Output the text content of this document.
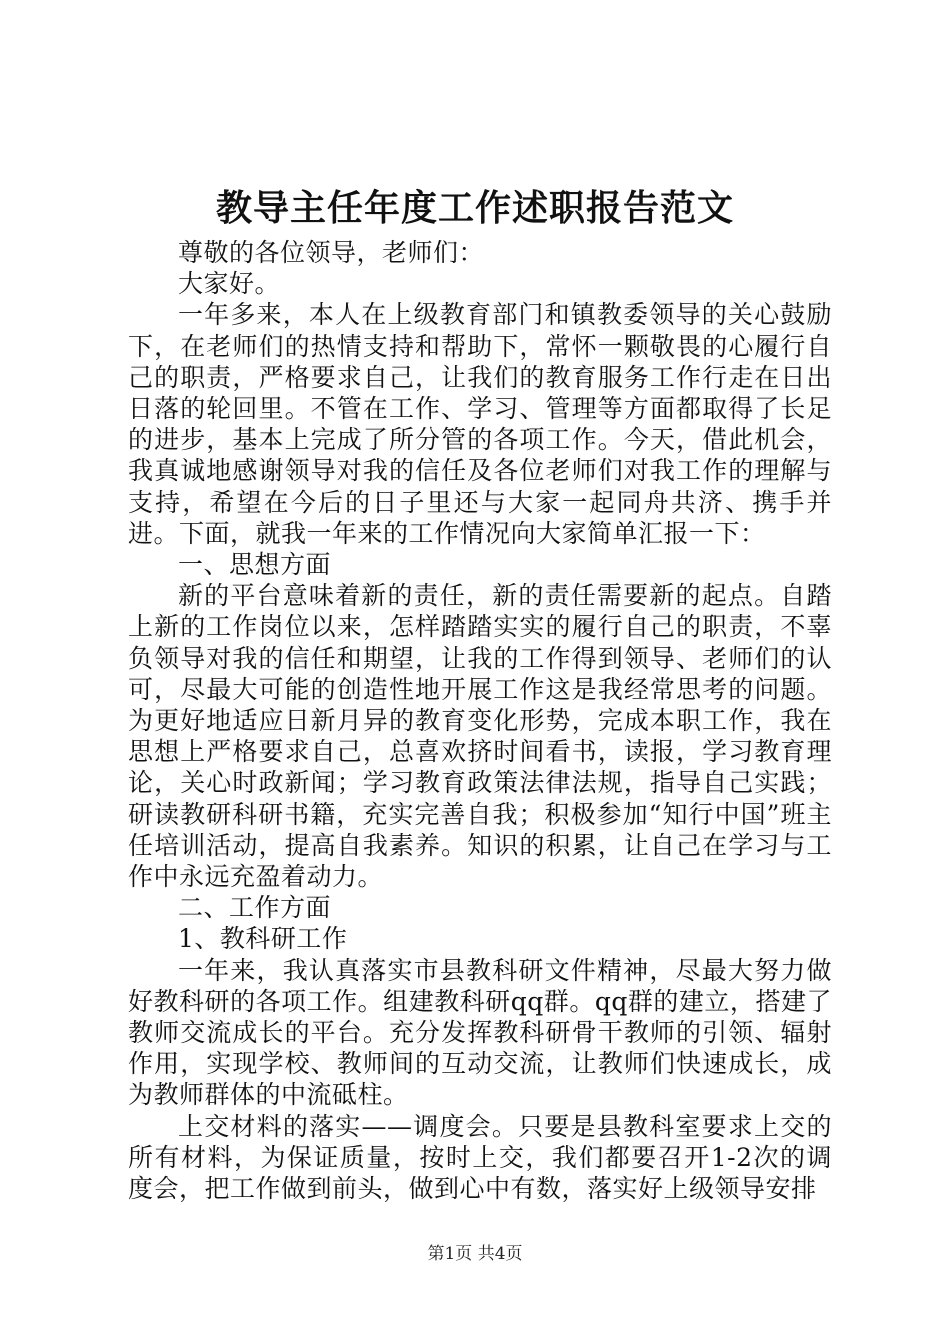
教导主任年度工作述职报告范文

尊敬的各位领导，老师们：

大家好。

一年多来，本人在上级教育部门和镇教委领导的关心鼓励下，在老师们的热情支持和帮助下，常怀一颗敬畏的心履行自己的职责，严格要求自己，让我们的教育服务工作行走在日出日落的轮回里。不管在工作、学习、管理等方面都取得了长足的进步，基本上完成了所分管的各项工作。今天，借此机会，我真诚地感谢领导对我的信任及各位老师们对我工作的理解与支持，希望在今后的日子里还与大家一起同舟共济、携手并进。下面，就我一年来的工作情况向大家简单汇报一下：

一、思想方面

新的平台意味着新的责任，新的责任需要新的起点。自踏上新的工作岗位以来，怎样踏踏实实的履行自己的职责，不辜负领导对我的信任和期望，让我的工作得到领导、老师们的认可，尽最大可能的创造性地开展工作这是我经常思考的问题。为更好地适应日新月异的教育变化形势，完成本职工作，我在思想上严格要求自己，总喜欢挤时间看书，读报，学习教育理论，关心时政新闻；学习教育政策法律法规，指导自己实践；研读教研科研书籍，充实完善自我；积极参加“知行中国”班主任培训活动，提高自我素养。知识的积累，让自己在学习与工作中永远充盈着动力。

二、工作方面

1、教科研工作

一年来，我认真落实市县教科研文件精神，尽最大努力做好教科研的各项工作。组建教科研qq群。qq群的建立，搭建了教师交流成长的平台。充分发挥教科研骨干教师的引领、辐射作用，实现学校、教师间的互动交流，让教师们快速成长，成为教师群体的中流砥柱。

上交材料的落实——调度会。只要是县教科室要求上交的所有材料，为保证质量，按时上交，我们都要召开1-2次的调度会，把工作做到前头，做到心中有数，落实好上级领导安排

第1页 共4页
